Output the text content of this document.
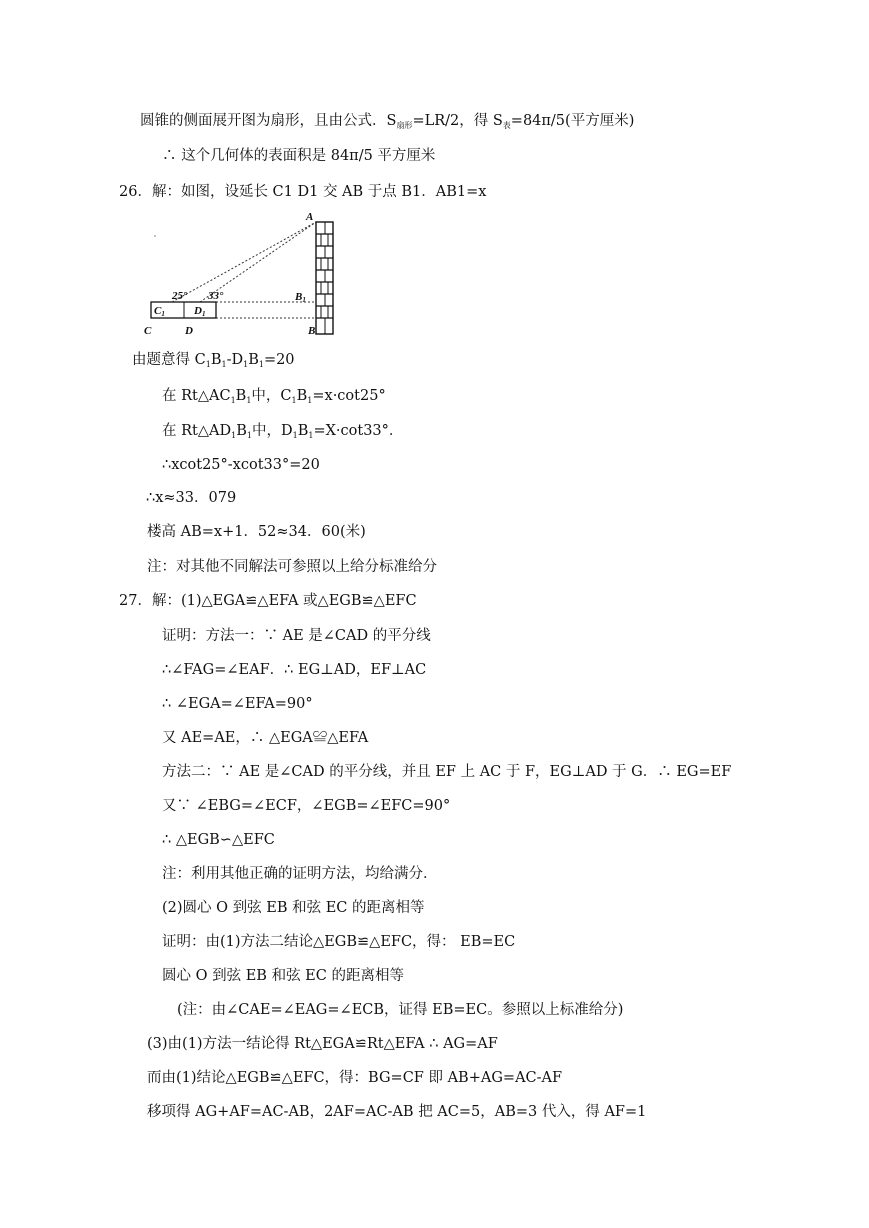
圆锥的侧面展开图为扇形，且由公式．$S_{扇形}=LR/2$，得 $S_表=84\pi/5$(平方厘米)
∴ 这个几何体的表面积是 84π/5 平方厘米
26．解：如图，设延长 C1 D1 交 AB 于点 B1．AB1=x
A
25° 33°	B1
C1	D1
C	D	B
由题意得 $C_1B_1-D_1B_1=20$
在 $Rt\triangle AC_1B_1$中，$C_1B_1=x\cdot\cot 25^\circ$
在 $Rt\triangle AD_1B_1$中，$D_1B_1=X\cdot\cot 33^\circ$．
∴xcot25°-xcot33°=20
∴x≈33．079
楼高 AB=x+1．52≈34．60(米)
注：对其他不同解法可参照以上给分标准给分
27．解：(1)△EGA≌△EFA 或△EGB≌△EFC
证明：方法一：∵ AE 是∠CAD 的平分线
∴∠FAG=∠EAF．∴ EG⊥AD，EF⊥AC
∴ ∠EGA=∠EFA=90°
又 AE=AE，∴ △EGA≌△EFA
方法二：∵ AE 是∠CAD 的平分线，并且 EF 上 AC 于 F，EG⊥AD 于 G．∴ EG=EF
又∵ ∠EBG=∠ECF，∠EGB=∠EFC=90°
∴ △EGB∽△EFC
注：利用其他正确的证明方法，均给满分．
(2)圆心 O 到弦 EB 和弦 EC 的距离相等
证明：由(1)方法二结论△EGB≌△EFC，得： EB=EC
圆心 O 到弦 EB 和弦 EC 的距离相等
(注：由∠CAE=∠EAG=∠ECB，证得 EB=EC。参照以上标准给分)
(3)由(1)方法一结论得 Rt△EGA≌Rt△EFA ∴ AG=AF
而由(1)结论△EGB≌△EFC，得：BG=CF 即 AB+AG=AC-AF
移项得 AG+AF=AC-AB，2AF=AC-AB 把 AC=5，AB=3 代入，得 AF=1
